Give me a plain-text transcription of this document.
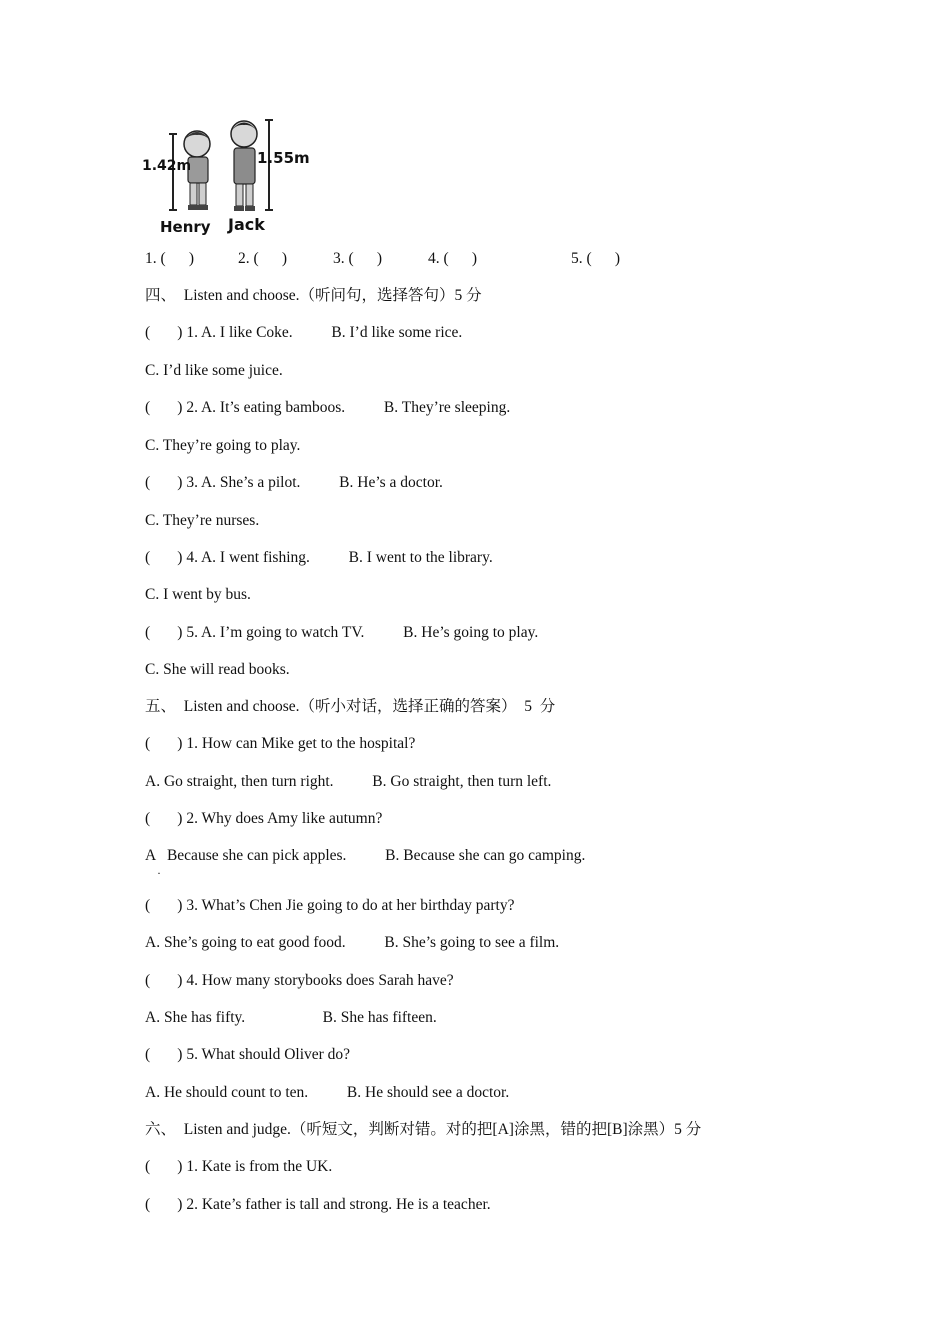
1.42m	1.55m
Henry Jack
1. (      )	2. (      )	3. (      )	4. (      )	5. (      )
四、  Listen and choose.（听问句，选择答句）5 分
(       ) 1. A. I like Coke.          B. I’d like some rice.
C. I’d like some juice.
(       ) 2. A. It’s eating bamboos.          B. They’re sleeping.
C. They’re going to play.
(       ) 3. A. She’s a pilot.          B. He’s a doctor.
C. They’re nurses.
(       ) 4. A. I went fishing.          B. I went to the library.
C. I went by bus.
(       ) 5. A. I’m going to watch TV.          B. He’s going to play.
C. She will read books.
五、  Listen and choose.（听小对话，选择正确的答案）  5  分
(       ) 1. How can Mike get to the hospital?
A. Go straight, then turn right.          B. Go straight, then turn left.
(       ) 2. Why does Amy like autumn?
A   Because she can pick apples.          B. Because she can go camping.
·
(       ) 3. What’s Chen Jie going to do at her birthday party?
A. She’s going to eat good food.          B. She’s going to see a film.
(       ) 4. How many storybooks does Sarah have?
A. She has fifty.                    B. She has fifteen.
(       ) 5. What should Oliver do?
A. He should count to ten.          B. He should see a doctor.
六、  Listen and judge.（听短文，判断对错。对的把[A]涂黑，错的把[B]涂黑）5 分
(       ) 1. Kate is from the UK.
(       ) 2. Kate’s father is tall and strong. He is a teacher.
